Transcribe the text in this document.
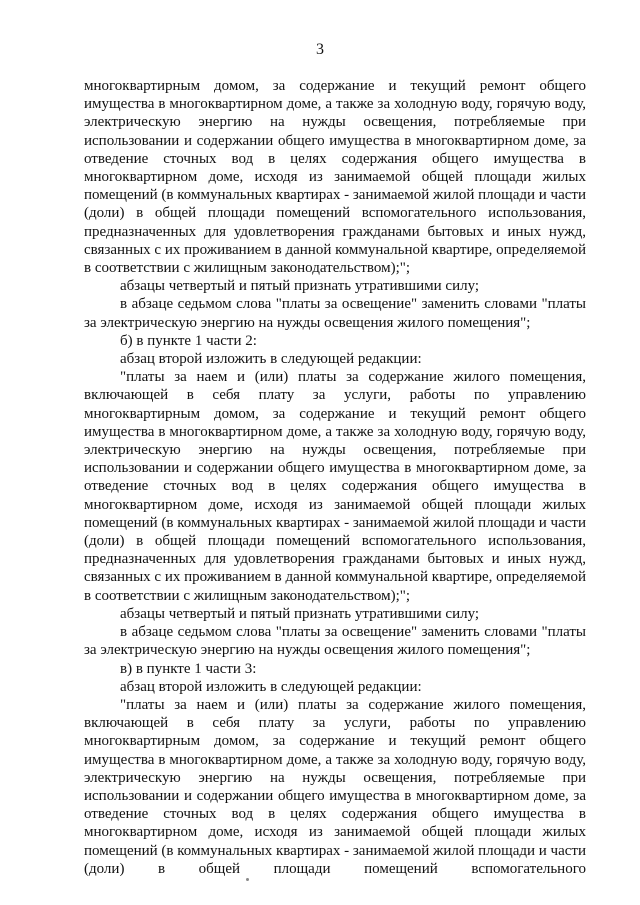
3

многоквартирным домом, за содержание и текущий ремонт общего имущества в многоквартирном доме, а также за холодную воду, горячую воду, электрическую энергию на нужды освещения, потребляемые при использовании и содержании общего имущества в многоквартирном доме, за отведение сточных вод в целях содержания общего имущества в многоквартирном доме, исходя из занимаемой общей площади жилых помещений (в коммунальных квартирах - занимаемой жилой площади и части (доли) в общей площади помещений вспомогательного использования, предназначенных для удовлетворения гражданами бытовых и иных нужд, связанных с их проживанием в данной коммунальной квартире, определяемой в соответствии с жилищным законодательством);";

абзацы четвертый и пятый признать утратившими силу;

в абзаце седьмом слова "платы за освещение" заменить словами "платы за электрическую энергию на нужды освещения жилого помещения";

б) в пункте 1 части 2:

абзац второй изложить в следующей редакции:

"платы за наем и (или) платы за содержание жилого помещения, включающей в себя плату за услуги, работы по управлению многоквартирным домом, за содержание и текущий ремонт общего имущества в многоквартирном доме, а также за холодную воду, горячую воду, электрическую энергию на нужды освещения, потребляемые при использовании и содержании общего имущества в многоквартирном доме, за отведение сточных вод в целях содержания общего имущества в многоквартирном доме, исходя из занимаемой общей площади жилых помещений (в коммунальных квартирах - занимаемой жилой площади и части (доли) в общей площади помещений вспомогательного использования, предназначенных для удовлетворения гражданами бытовых и иных нужд, связанных с их проживанием в данной коммунальной квартире, определяемой в соответствии с жилищным законодательством);";

абзацы четвертый и пятый признать утратившими силу;

в абзаце седьмом слова "платы за освещение" заменить словами "платы за электрическую энергию на нужды освещения жилого помещения";

в) в пункте 1 части 3:

абзац второй изложить в следующей редакции:

"платы за наем и (или) платы за содержание жилого помещения, включающей в себя плату за услуги, работы по управлению многоквартирным домом, за содержание и текущий ремонт общего имущества в многоквартирном доме, а также за холодную воду, горячую воду, электрическую энергию на нужды освещения, потребляемые при использовании и содержании общего имущества в многоквартирном доме, за отведение сточных вод в целях содержания общего имущества в многоквартирном доме, исходя из занимаемой общей площади жилых помещений (в коммунальных квартирах - занимаемой жилой площади и части (доли) в общей площади помещений вспомогательного
